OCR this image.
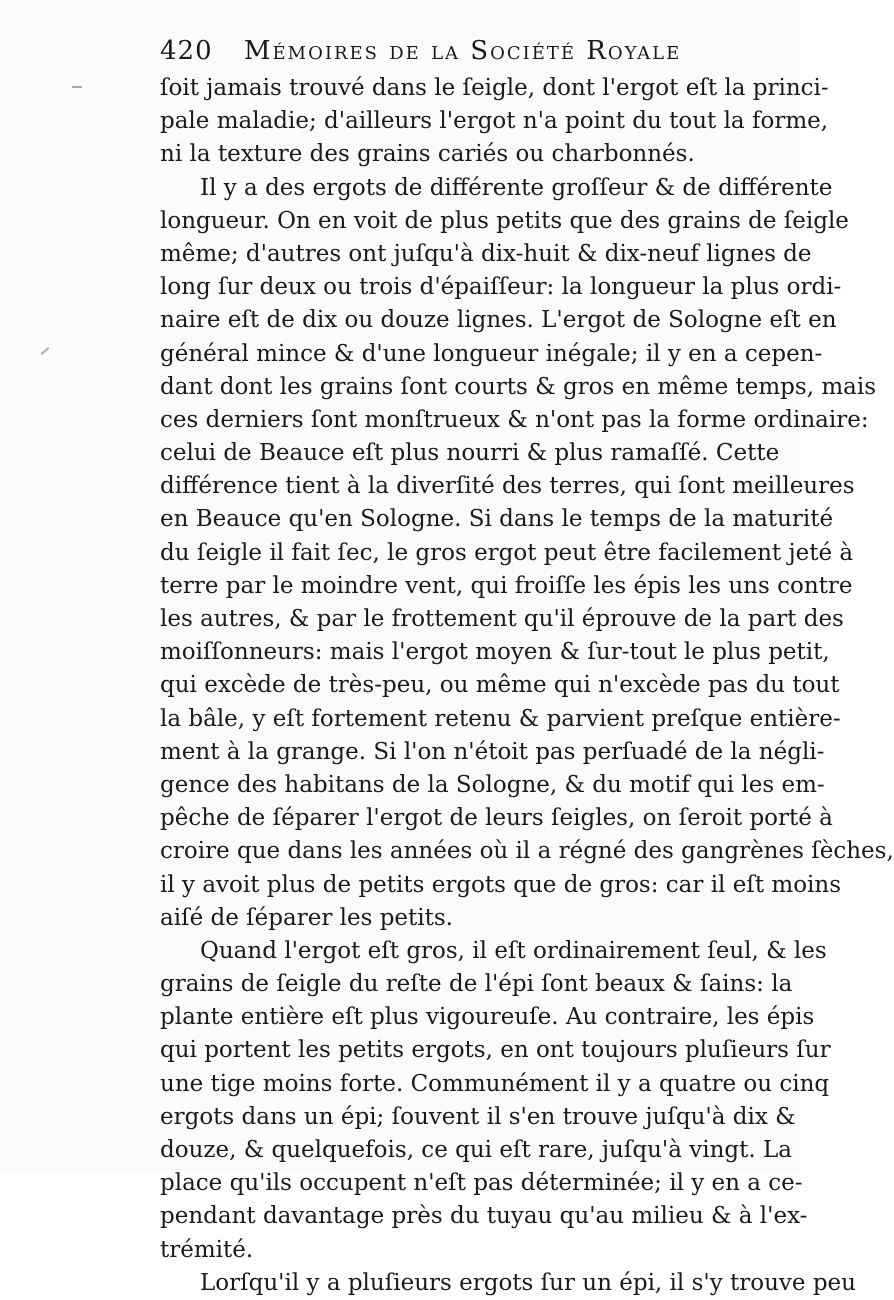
420 Mémoires de la Société Royale
ſoit jamais trouvé dans le ſeigle, dont l'ergot eſt la princi-
pale maladie; d'ailleurs l'ergot n'a point du tout la forme,
ni la texture des grains cariés ou charbonnés.
Il y a des ergots de différente groſſeur & de différente
longueur. On en voit de plus petits que des grains de ſeigle
même; d'autres ont juſqu'à dix-huit & dix-neuf lignes de
long ſur deux ou trois d'épaiſſeur: la longueur la plus ordi-
naire eſt de dix ou douze lignes. L'ergot de Sologne eſt en
général mince & d'une longueur inégale; il y en a cepen-
dant dont les grains ſont courts & gros en même temps, mais
ces derniers ſont monſtrueux & n'ont pas la forme ordinaire:
celui de Beauce eſt plus nourri & plus ramaſſé. Cette
différence tient à la diverſité des terres, qui ſont meilleures
en Beauce qu'en Sologne. Si dans le temps de la maturité
du ſeigle il fait ſec, le gros ergot peut être facilement jeté à
terre par le moindre vent, qui froiſſe les épis les uns contre
les autres, & par le frottement qu'il éprouve de la part des
moiſſonneurs: mais l'ergot moyen & ſur-tout le plus petit,
qui excède de très-peu, ou même qui n'excède pas du tout
la bâle, y eſt fortement retenu & parvient preſque entière-
ment à la grange. Si l'on n'étoit pas perſuadé de la négli-
gence des habitans de la Sologne, & du motif qui les em-
pêche de ſéparer l'ergot de leurs ſeigles, on ſeroit porté à
croire que dans les années où il a régné des gangrènes ſèches,
il y avoit plus de petits ergots que de gros: car il eſt moins
aiſé de ſéparer les petits.
Quand l'ergot eſt gros, il eſt ordinairement ſeul, & les
grains de ſeigle du reſte de l'épi ſont beaux & ſains: la
plante entière eſt plus vigoureuſe. Au contraire, les épis
qui portent les petits ergots, en ont toujours pluſieurs ſur
une tige moins forte. Communément il y a quatre ou cinq
ergots dans un épi; ſouvent il s'en trouve juſqu'à dix &
douze, & quelquefois, ce qui eſt rare, juſqu'à vingt. La
place qu'ils occupent n'eſt pas déterminée; il y en a ce-
pendant davantage près du tuyau qu'au milieu & à l'ex-
trémité.
Lorſqu'il y a pluſieurs ergots ſur un épi, il s'y trouve peu
